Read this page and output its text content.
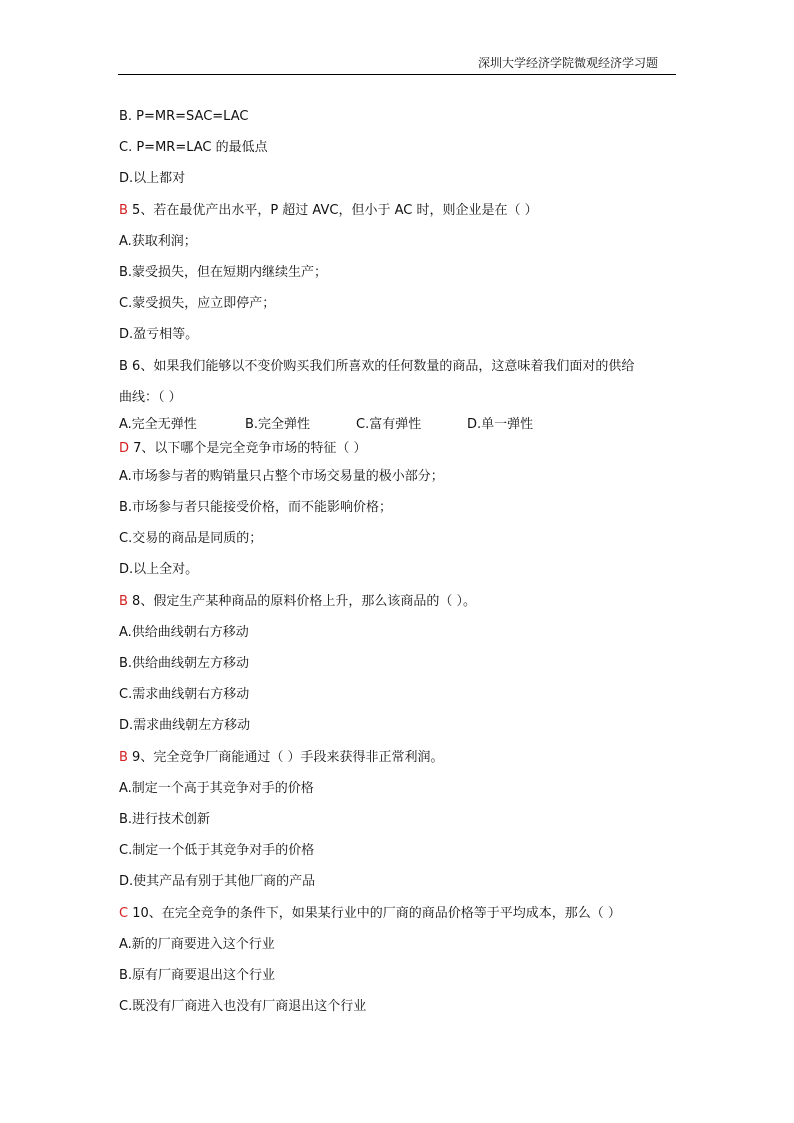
深圳大学经济学院微观经济学习题
B. P=MR=SAC=LAC
C. P=MR=LAC 的最低点
D.以上都对
B 5、若在最优产出水平，P 超过 AVC，但小于 AC 时，则企业是在（ ）
A.获取利润；
B.蒙受损失，但在短期内继续生产；
C.蒙受损失，应立即停产；
D.盈亏相等。
B 6、如果我们能够以不变价购买我们所喜欢的任何数量的商品，这意味着我们面对的供给
曲线：（ ）
A.完全无弹性	B.完全弹性	C.富有弹性	D.单一弹性
D 7、以下哪个是完全竞争市场的特征（ ）
A.市场参与者的购销量只占整个市场交易量的极小部分；
B.市场参与者只能接受价格，而不能影响价格；
C.交易的商品是同质的；
D.以上全对。
B 8、假定生产某种商品的原料价格上升，那么该商品的（ ）。
A.供给曲线朝右方移动
B.供给曲线朝左方移动
C.需求曲线朝右方移动
D.需求曲线朝左方移动
B 9、完全竞争厂商能通过（ ）手段来获得非正常利润。
A.制定一个高于其竞争对手的价格
B.进行技术创新
C.制定一个低于其竞争对手的价格
D.使其产品有别于其他厂商的产品
C 10、在完全竞争的条件下，如果某行业中的厂商的商品价格等于平均成本，那么（ ）
A.新的厂商要进入这个行业
B.原有厂商要退出这个行业
C.既没有厂商进入也没有厂商退出这个行业
